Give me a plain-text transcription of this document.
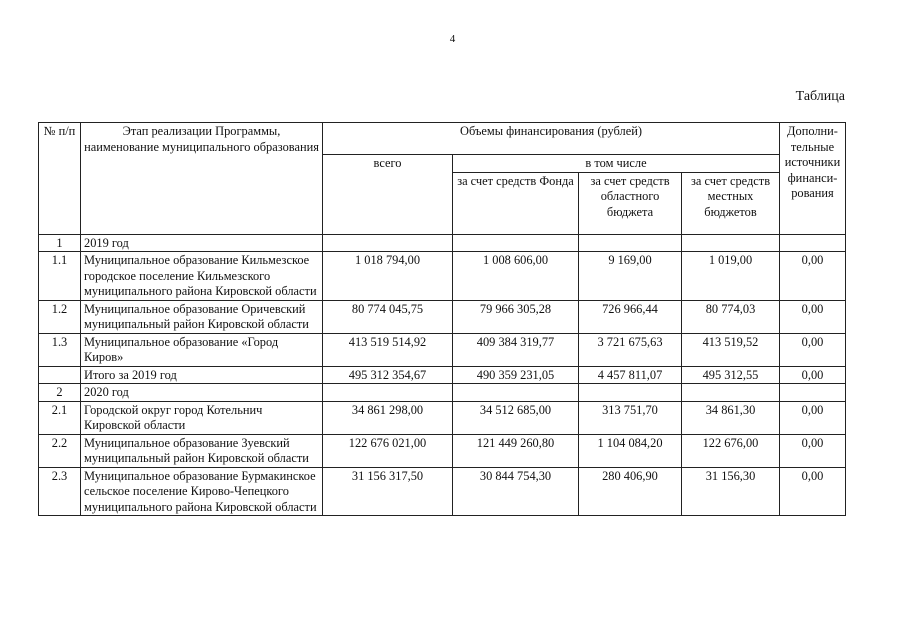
4
Таблица
№ п/п	Этап реализации Программы, наименование муниципального образования	Объемы финансирования (рублей)				Дополни-тельные источники финанси-рования
		всего	в том числе			
			за счет средств Фонда	за счет средств областного бюджета	за счет средств местных бюджетов	
1	2019 год					
1.1	Муниципальное образование Кильмезское городское поселение Кильмезского муниципального района Кировской области	1 018 794,00	1 008 606,00	9 169,00	1 019,00	0,00
1.2	Муниципальное образование Оричевский муниципальный район Кировской области	80 774 045,75	79 966 305,28	726 966,44	80 774,03	0,00
1.3	Муниципальное образование «Город Киров»	413 519 514,92	409 384 319,77	3 721 675,63	413 519,52	0,00
	Итого за 2019 год	495 312 354,67	490 359 231,05	4 457 811,07	495 312,55	0,00
2	2020 год					
2.1	Городской округ город Котельнич Кировской области	34 861 298,00	34 512 685,00	313 751,70	34 861,30	0,00
2.2	Муниципальное образование Зуевский муниципальный район Кировской области	122 676 021,00	121 449 260,80	1 104 084,20	122 676,00	0,00
2.3	Муниципальное образование Бурмакинское сельское поселение Кирово-Чепецкого муниципального района Кировской области	31 156 317,50	30 844 754,30	280 406,90	31 156,30	0,00
